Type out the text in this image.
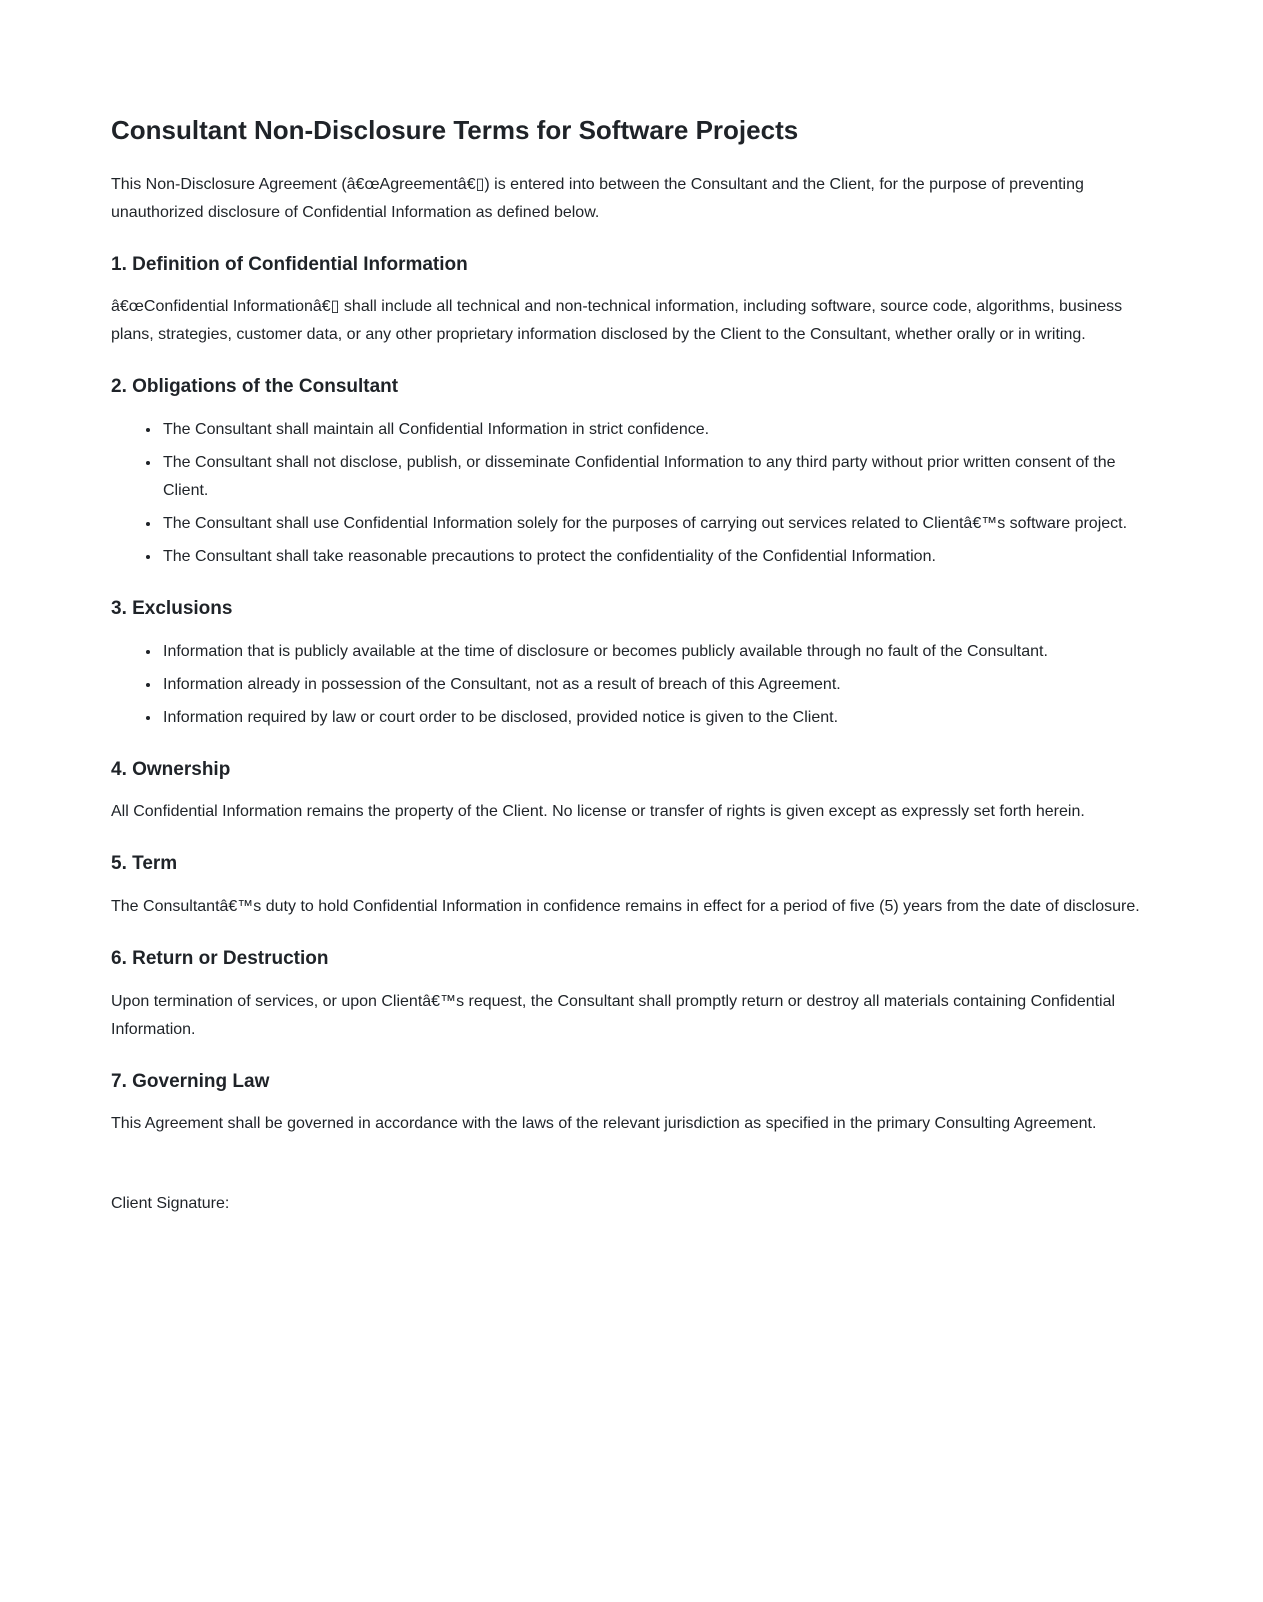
Consultant Non-Disclosure Terms for Software Projects

This Non-Disclosure Agreement (â€œAgreementâ€▯) is entered into between the Consultant and the Client, for the purpose of preventing unauthorized disclosure of Confidential Information as defined below.

1. Definition of Confidential Information

â€œConfidential Informationâ€▯ shall include all technical and non-technical information, including software, source code, algorithms, business plans, strategies, customer data, or any other proprietary information disclosed by the Client to the Consultant, whether orally or in writing.

2. Obligations of the Consultant
• The Consultant shall maintain all Confidential Information in strict confidence.
• The Consultant shall not disclose, publish, or disseminate Confidential Information to any third party without prior written consent of the Client.
• The Consultant shall use Confidential Information solely for the purposes of carrying out services related to Clientâ€™s software project.
• The Consultant shall take reasonable precautions to protect the confidentiality of the Confidential Information.
3. Exclusions
• Information that is publicly available at the time of disclosure or becomes publicly available through no fault of the Consultant.
• Information already in possession of the Consultant, not as a result of breach of this Agreement.
• Information required by law or court order to be disclosed, provided notice is given to the Client.
4. Ownership

All Confidential Information remains the property of the Client. No license or transfer of rights is given except as expressly set forth herein.

5. Term

The Consultantâ€™s duty to hold Confidential Information in confidence remains in effect for a period of five (5) years from the date of disclosure.

6. Return or Destruction

Upon termination of services, or upon Clientâ€™s request, the Consultant shall promptly return or destroy all materials containing Confidential Information.

7. Governing Law

This Agreement shall be governed in accordance with the laws of the relevant jurisdiction as specified in the primary Consulting Agreement.

Client Signature:
